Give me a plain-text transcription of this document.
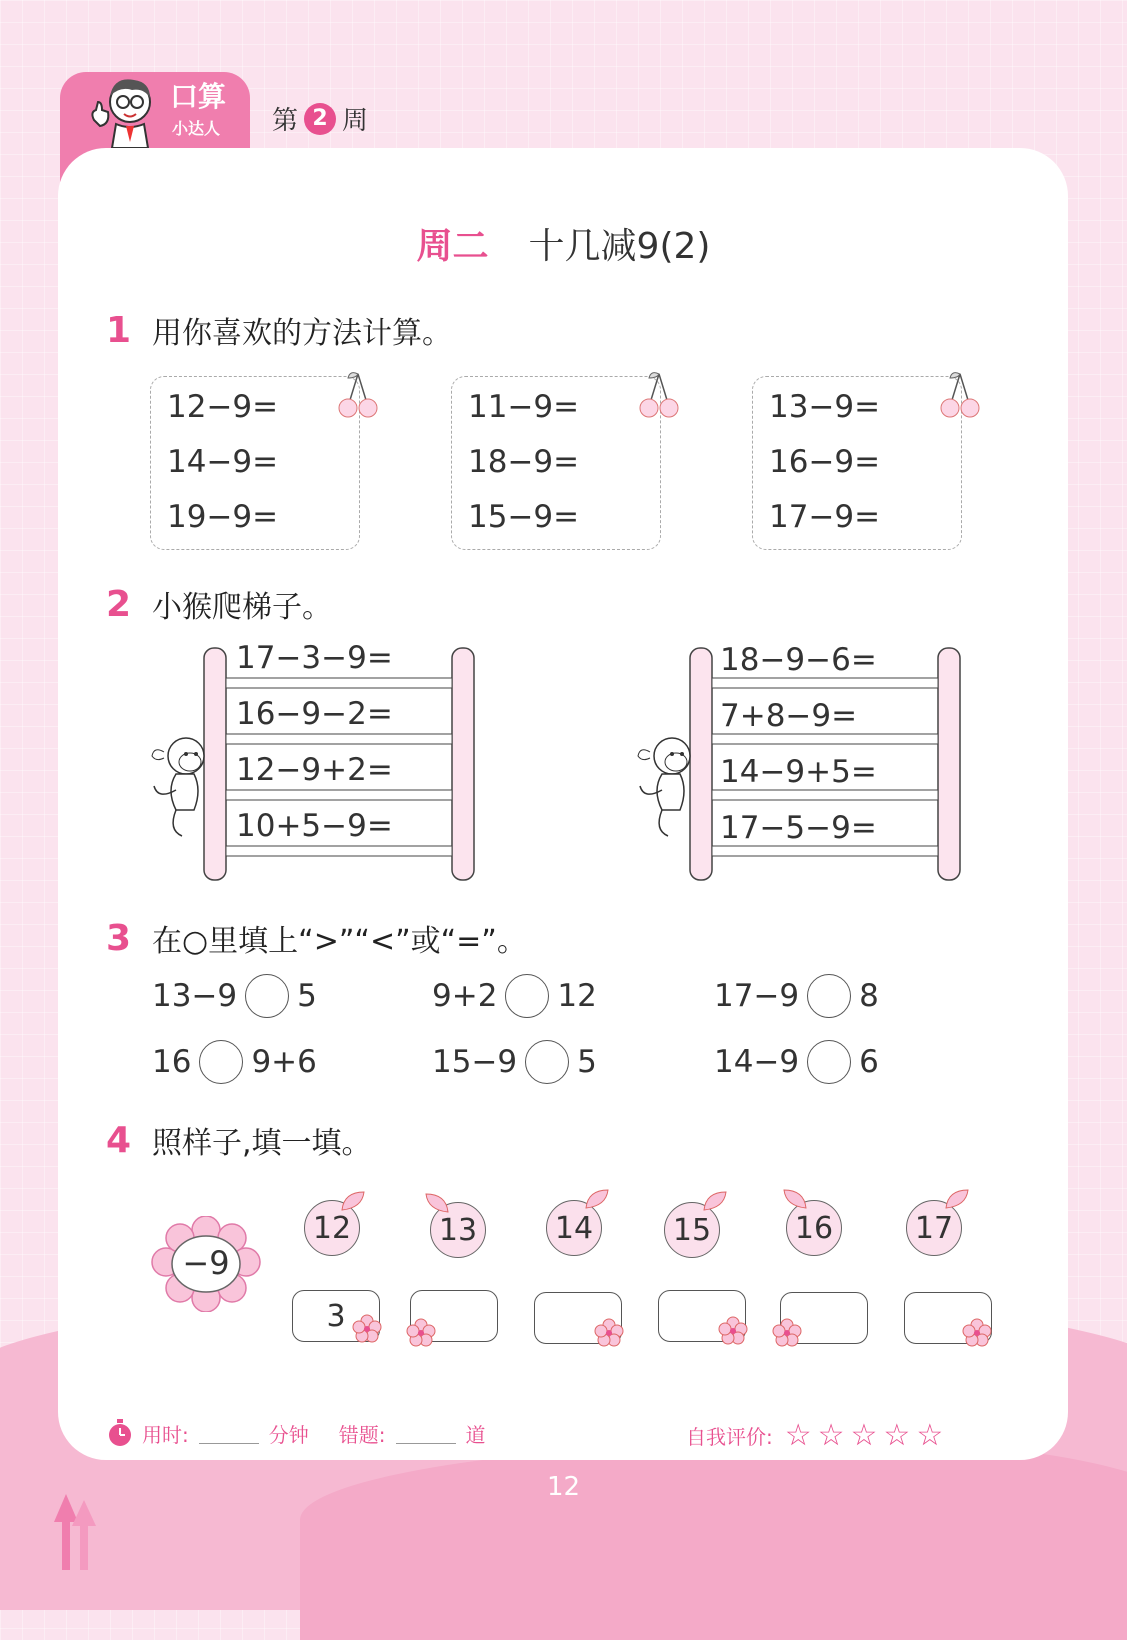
口算
小达人 第 2 周
周二 十几减9(2)
1 用你喜欢的方法计算。
12−9=
14−9=
19−9=
11−9=
18−9=
15−9=
13−9=
16−9=
17−9=
2 小猴爬梯子。
17−3−9=
16−9−2=
12−9+2=
10+5−9=
18−9−6=
7+8−9=
14−9+5=
17−5−9=
3 在○里填上“>”“<”或“=”。
13−9 5	9+2 12	17−9 8
16 9+6	15−9 5	14−9 6
4 照样子,填一填。
−9
12	13	14	15	16	17
3
用时:	分钟 错题:	道	自我评价: ☆☆☆☆☆
12
